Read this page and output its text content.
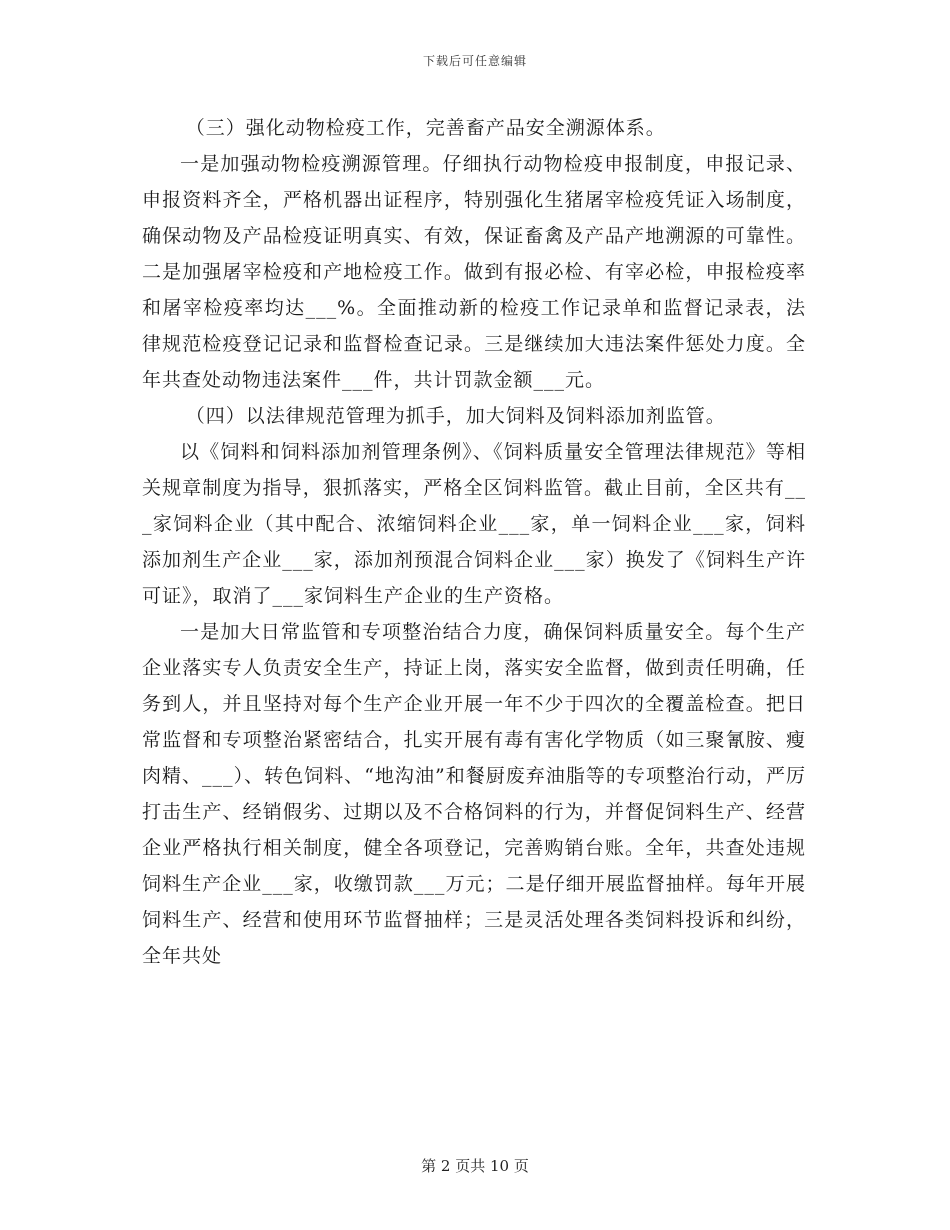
下载后可任意编辑

（三）强化动物检疫工作，完善畜产品安全溯源体系。

一是加强动物检疫溯源管理。仔细执行动物检疫申报制度，申报记录、申报资料齐全，严格机器出证程序，特别强化生猪屠宰检疫凭证入场制度，确保动物及产品检疫证明真实、有效，保证畜禽及产品产地溯源的可靠性。二是加强屠宰检疫和产地检疫工作。做到有报必检、有宰必检，申报检疫率和屠宰检疫率均达___%。全面推动新的检疫工作记录单和监督记录表，法律规范检疫登记记录和监督检查记录。三是继续加大违法案件惩处力度。全年共查处动物违法案件___件，共计罚款金额___元。

（四）以法律规范管理为抓手，加大饲料及饲料添加剂监管。

以《饲料和饲料添加剂管理条例》、《饲料质量安全管理法律规范》等相关规章制度为指导，狠抓落实，严格全区饲料监管。截止目前，全区共有___家饲料企业（其中配合、浓缩饲料企业___家，单一饲料企业___家，饲料添加剂生产企业___家，添加剂预混合饲料企业___家）换发了《饲料生产许可证》，取消了___家饲料生产企业的生产资格。

一是加大日常监管和专项整治结合力度，确保饲料质量安全。每个生产企业落实专人负责安全生产，持证上岗，落实安全监督，做到责任明确，任务到人，并且坚持对每个生产企业开展一年不少于四次的全覆盖检查。把日常监督和专项整治紧密结合，扎实开展有毒有害化学物质（如三聚氰胺、瘦肉精、___）、转色饲料、“地沟油”和餐厨废弃油脂等的专项整治行动，严厉打击生产、经销假劣、过期以及不合格饲料的行为，并督促饲料生产、经营企业严格执行相关制度，健全各项登记，完善购销台账。全年，共查处违规饲料生产企业___家，收缴罚款___万元；二是仔细开展监督抽样。每年开展饲料生产、经营和使用环节监督抽样；三是灵活处理各类饲料投诉和纠纷，全年共处

第 2 页共 10 页
